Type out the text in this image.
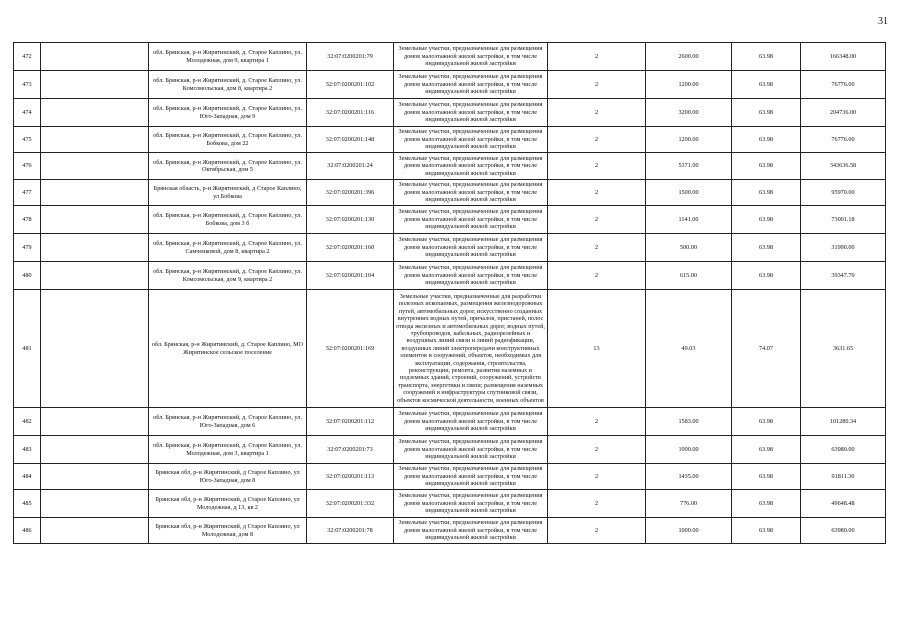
31
472		обл. Брянская, р-н Жирятинский, д. Старое Каплино, ул. Молодежная, дом 9, квартира 1	32:07:0200201:79	Земельные участки, предназначенные для размещения домов малоэтажной жилой застройки, в том числе индивидуальной жилой застройки	2	2600.00	63.98	166348.00
473		обл. Брянская, р-н Жирятинский, д. Старое Каплино, ул. Комсомольская, дом 8, квартира 2	32:07:0200201:102	Земельные участки, предназначенные для размещения домов малоэтажной жилой застройки, в том числе индивидуальной жилой застройки	2	1200.00	63.98	76776.00
474		обл. Брянская, р-н Жирятинский, д. Старое Каплино, ул. Юго-Западная, дом 9	32:07:0200201:116	Земельные участки, предназначенные для размещения домов малоэтажной жилой застройки, в том числе индивидуальной жилой застройки	2	3200.00	63.98	204736.00
475		обл. Брянская, р-н Жирятинский, д. Старое Каплино, ул. Бобкова, дом 22	32:07:0200201:148	Земельные участки, предназначенные для размещения домов малоэтажной жилой застройки, в том числе индивидуальной жилой застройки	2	1200.00	63.98	76776.00
476		обл. Брянская, р-н Жирятинский, д. Старое Каплино, ул. Октябрьская, дом 5	32:07:0200201:24	Земельные участки, предназначенные для размещения домов малоэтажной жилой застройки, в том числе индивидуальной жилой застройки	2	5371.00	63.98	343636.58
477		Брянская область, р-н Жирятинский, д Старое Каплино, ул Бобкова	32:07:0200201:396	Земельные участки, предназначенные для размещения домов малоэтажной жилой застройки, в том числе индивидуальной жилой застройки	2	1500.00	63.98	95970.00
478		обл. Брянская, р-н Жирятинский, д. Старое Каплино, ул. Бобкова, дом 3 б	32:07:0200201:130	Земельные участки, предназначенные для размещения домов малоэтажной жилой застройки, в том числе индивидуальной жилой застройки	2	1141.00	63.98	73001.18
479		обл. Брянская, р-н Жирятинский, д. Старое Каплино, ул. Самченковой, дом 8, квартира 2	32:07:0200201:160	Земельные участки, предназначенные для размещения домов малоэтажной жилой застройки, в том числе индивидуальной жилой застройки	2	500.00	63.98	31990.00
480		обл. Брянская, р-н Жирятинский, д. Старое Каплино, ул. Комсомольская, дом 9, квартира 2	32:07:0200201:104	Земельные участки, предназначенные для размещения домов малоэтажной жилой застройки, в том числе индивидуальной жилой застройки	2	615.00	63.98	39347.70
481		обл. Брянская, р-н Жирятинский, д. Старое Каплино, МО Жирятинское сельское поселение	32:07:0200201:169	Земельные участки, предназначенные для разработки полезных ископаемых, размещения железнодорожных путей, автомобильных дорог, искусственно созданных внутренних водных путей, причалов, пристаней, полос отвода железных и автомобильных дорог, водных путей, трубопроводов, кабельных, радиорелейных и воздушных линий связи и линий радиофикации, воздушных линий электропередачи конструктивных элементов и сооружений, объектов, необходимых для эксплуатации, содержания, строительства, реконструкции, ремонта, развития наземных и подземных зданий, строений, сооружений, устройств транспорта, энергетики и связи; размещения наземных сооружений и инфраструктуры спутниковой связи, объектов космической деятельности, военных объектов	13	49.03	74.07	3631.65
482		обл. Брянская, р-н Жирятинский, д. Старое Каплино, ул. Юго-Западная, дом 6	32:07:0200201:112	Земельные участки, предназначенные для размещения домов малоэтажной жилой застройки, в том числе индивидуальной жилой застройки	2	1583.00	63.98	101280.34
483		обл. Брянская, р-н Жирятинский, д. Старое Каплино, ул. Молодежная, дом 3, квартира 1	32:07:0200201:73	Земельные участки, предназначенные для размещения домов малоэтажной жилой застройки, в том числе индивидуальной жилой застройки	2	1000.00	63.98	63980.00
484		Брянская обл, р-н Жирятинский, д Старое Каплино, ул Юго-Западная, дом 8	32:07:0200201:113	Земельные участки, предназначенные для размещения домов малоэтажной жилой застройки, в том числе индивидуальной жилой застройки	2	1435.00	63.98	91811.30
485		Брянская обл, р-н Жирятинский, д Старое Каплино, ул Молодежная, д 13, кв 2	32:07:0200201:332	Земельные участки, предназначенные для размещения домов малоэтажной жилой застройки, в том числе индивидуальной жилой застройки	2	776.00	63.98	49648.48
486		Брянская обл, р-н Жирятинский, д Старое Каплино, ул Молодежная, дом 8	32:07:0200201:78	Земельные участки, предназначенные для размещения домов малоэтажной жилой застройки, в том числе индивидуальной жилой застройки	2	1000.00	63.98	63980.00
